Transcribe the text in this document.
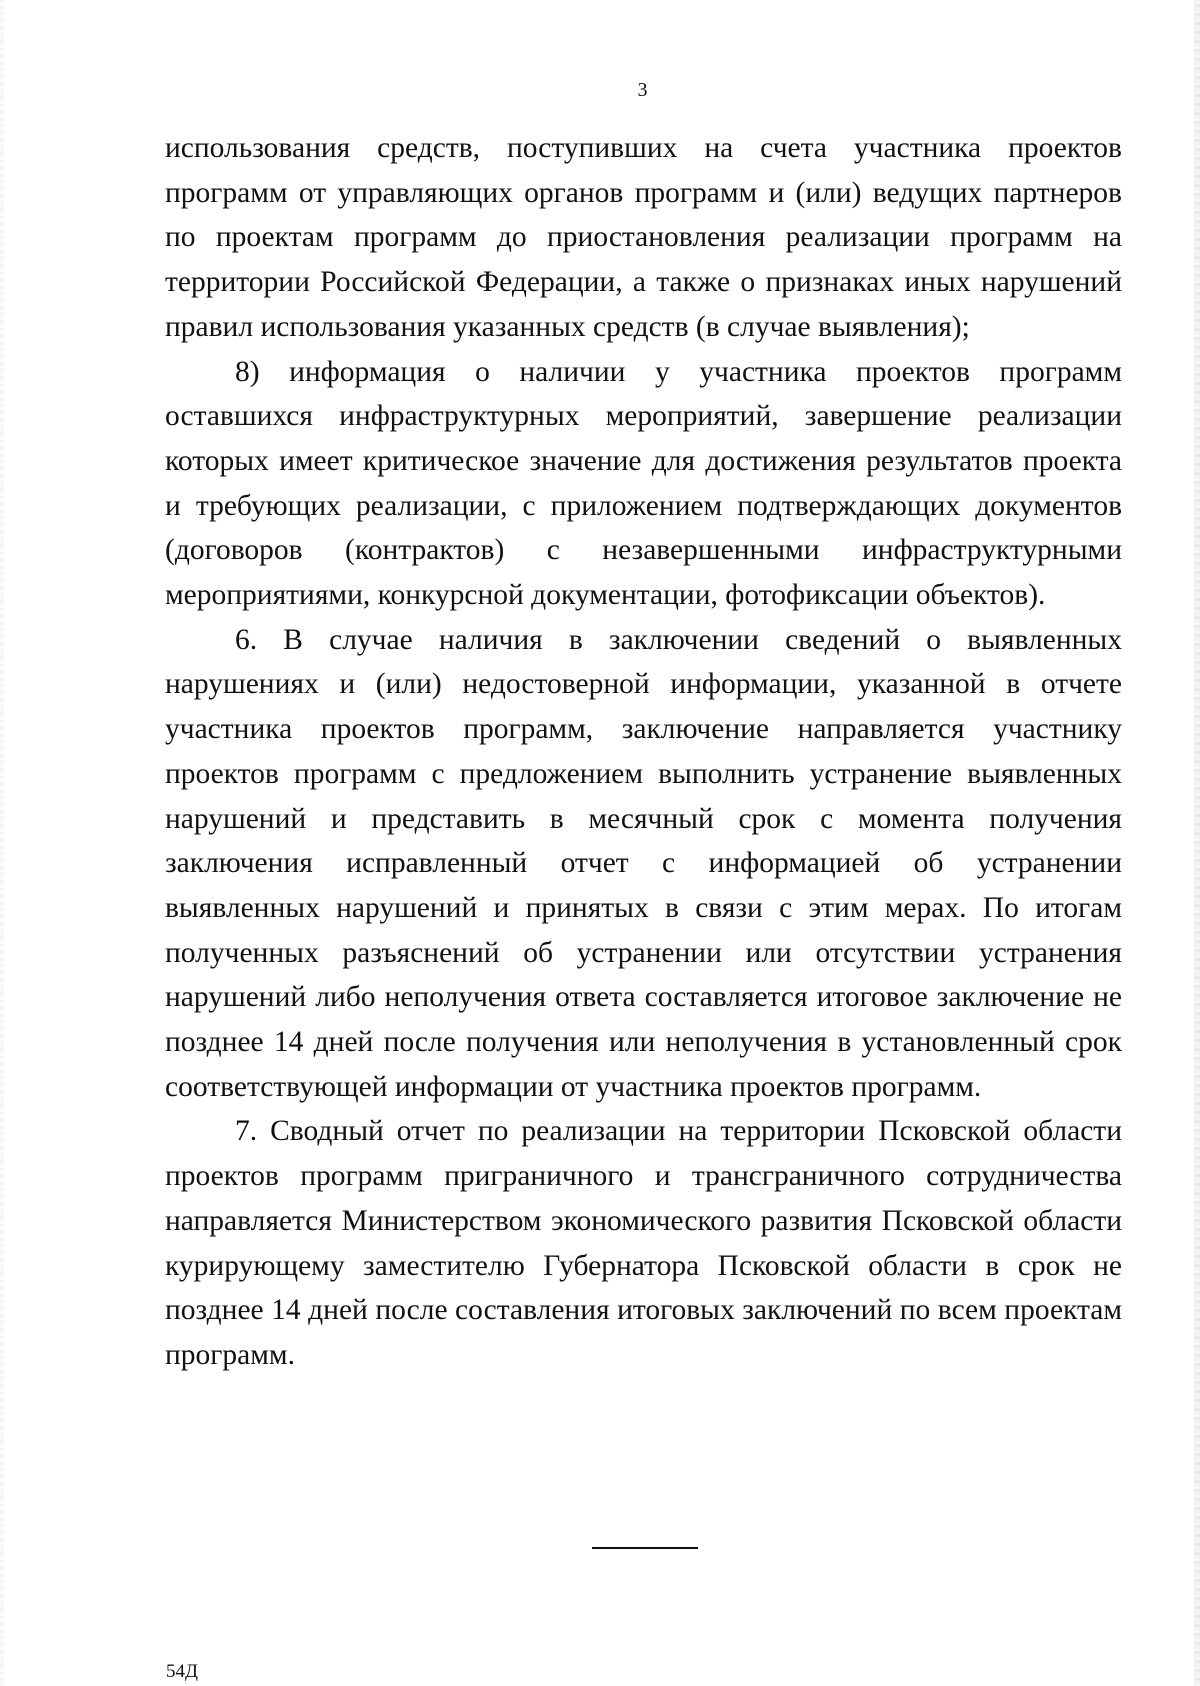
3

использования средств, поступивших на счета участника проектов программ от управляющих органов программ и (или) ведущих партнеров по проектам программ до приостановления реализации программ на территории Российской Федерации, а также о признаках иных нарушений правил использования указанных средств (в случае выявления);

8) информация о наличии у участника проектов программ оставшихся инфраструктурных мероприятий, завершение реализации которых имеет критическое значение для достижения результатов проекта и требующих реализации, с приложением подтверждающих документов (договоров (контрактов) с незавершенными инфраструктурными мероприятиями, конкурсной документации, фотофиксации объектов).

6. В случае наличия в заключении сведений о выявленных нарушениях и (или) недостоверной информации, указанной в отчете участника проектов программ, заключение направляется участнику проектов программ с предложением выполнить устранение выявленных нарушений и представить в месячный срок с момента получения заключения исправленный отчет с информацией об устранении выявленных нарушений и принятых в связи с этим мерах. По итогам полученных разъяснений об устранении или отсутствии устранения нарушений либо неполучения ответа составляется итоговое заключение не позднее 14 дней после получения или неполучения в установленный срок соответствующей информации от участника проектов программ.

7. Сводный отчет по реализации на территории Псковской области проектов программ приграничного и трансграничного сотрудничества направляется Министерством экономического развития Псковской области курирующему заместителю Губернатора Псковской области в срок не позднее 14 дней после составления итоговых заключений по всем проектам программ.

54Д
